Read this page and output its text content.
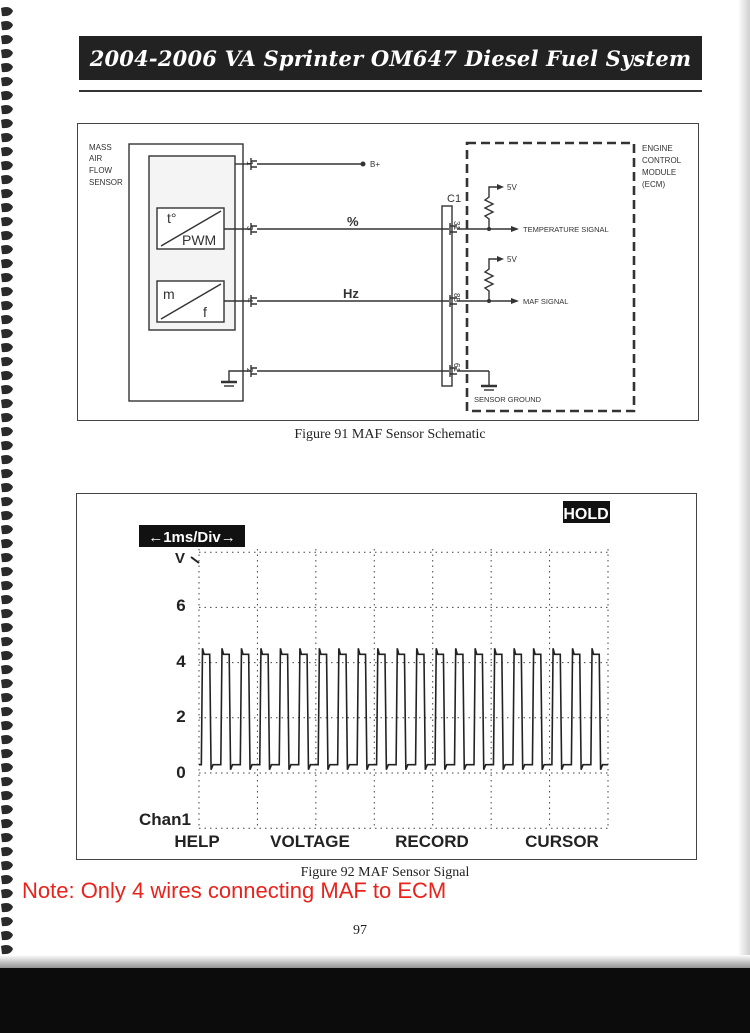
2004-2006 VA Sprinter OM647 Diesel Fuel System
MASS
AIR
FLOW
SENSOR
ENGINE
CONTROL
MODULE
(ECM)
B+
5V
5V
TEMPERATURE SIGNAL
MAF SIGNAL
SENSOR GROUND
C1
t°
PWM
m
f
%
Hz
1
3
4
2
31
85
61
Figure 91 MAF Sensor Schematic
HOLD
←1ms/Div→
V
6
4
2
0
Chan1
HELP	VOLTAGE	RECORD	CURSOR
Figure 92 MAF Sensor Signal
Note: Only 4 wires connecting MAF to ECM
97
